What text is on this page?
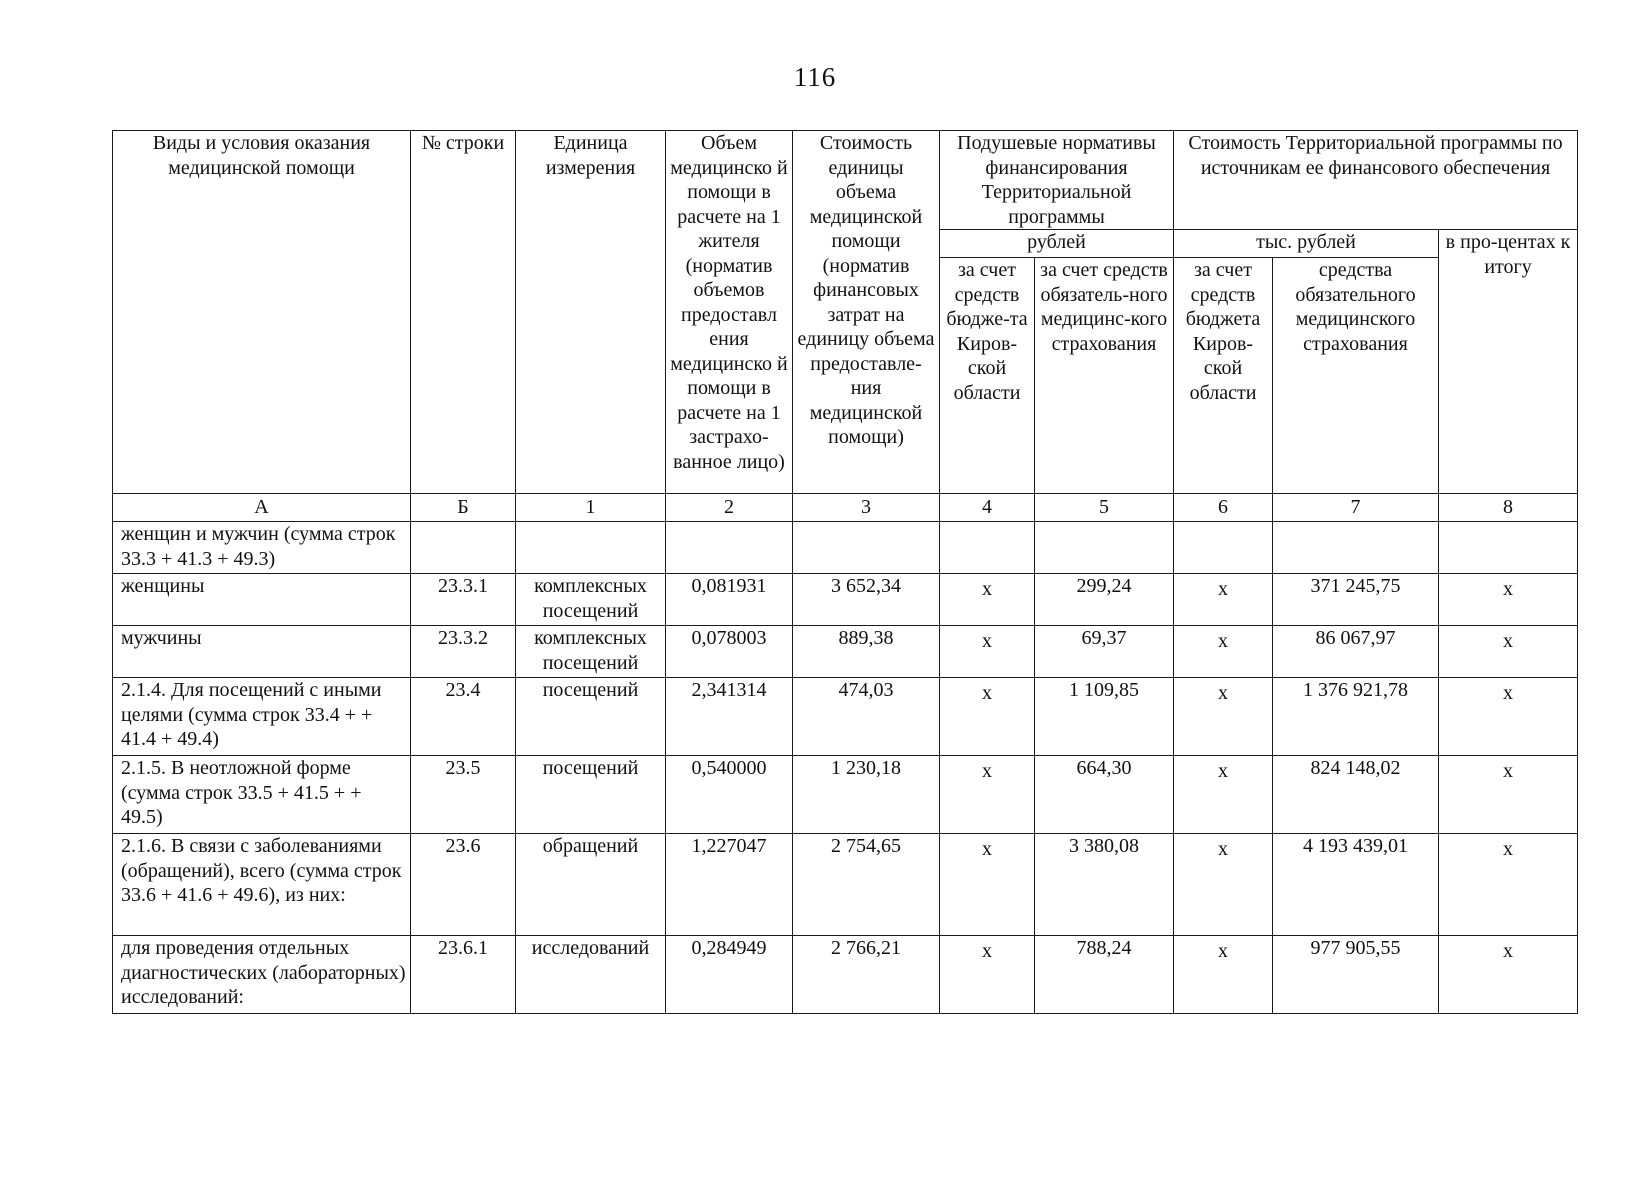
116
Виды и условия оказания медицинской помощи	№ строки	Единица измерения	Объем медицинско й помощи в расчете на 1 жителя (норматив объемов предоставл ения медицинско й помощи в расчете на 1 застрахо-ванное лицо)	Стоимость единицы объема медицинской помощи (норматив финансовых затрат на единицу объема предоставле-ния медицинской помощи)	Подушевые нормативы финансирования Территориальной программы		Стоимость Территориальной программы по источникам ее финансового обеспечения		
					рублей		тыс. рублей		в про-центах к итогу
					за счет средств бюдже-та Киров-ской области	за счет средств обязатель-ного медицинс-кого страхования	за счет средств бюджета Киров-ской области	средства обязательного медицинского страхования	
А	Б	1	2	3	4	5	6	7	8
женщин и мужчин (сумма строк 33.3 + 41.3 + 49.3)									
женщины	23.3.1	комплексных посещений	0,081931	3 652,34	х	299,24	х	371 245,75	х
мужчины	23.3.2	комплексных посещений	0,078003	889,38	х	69,37	х	86 067,97	х
2.1.4. Для посещений с иными целями (сумма строк 33.4 + + 41.4 + 49.4)	23.4	посещений	2,341314	474,03	х	1 109,85	х	1 376 921,78	х
2.1.5. В неотложной форме (сумма строк 33.5 + 41.5 + + 49.5)	23.5	посещений	0,540000	1 230,18	х	664,30	х	824 148,02	х
2.1.6. В связи с заболеваниями (обращений), всего (сумма строк 33.6 + 41.6 + 49.6), из них:	23.6	обращений	1,227047	2 754,65	х	3 380,08	х	4 193 439,01	х
для проведения отдельных диагностических (лабораторных) исследований:	23.6.1	исследований	0,284949	2 766,21	х	788,24	х	977 905,55	х
